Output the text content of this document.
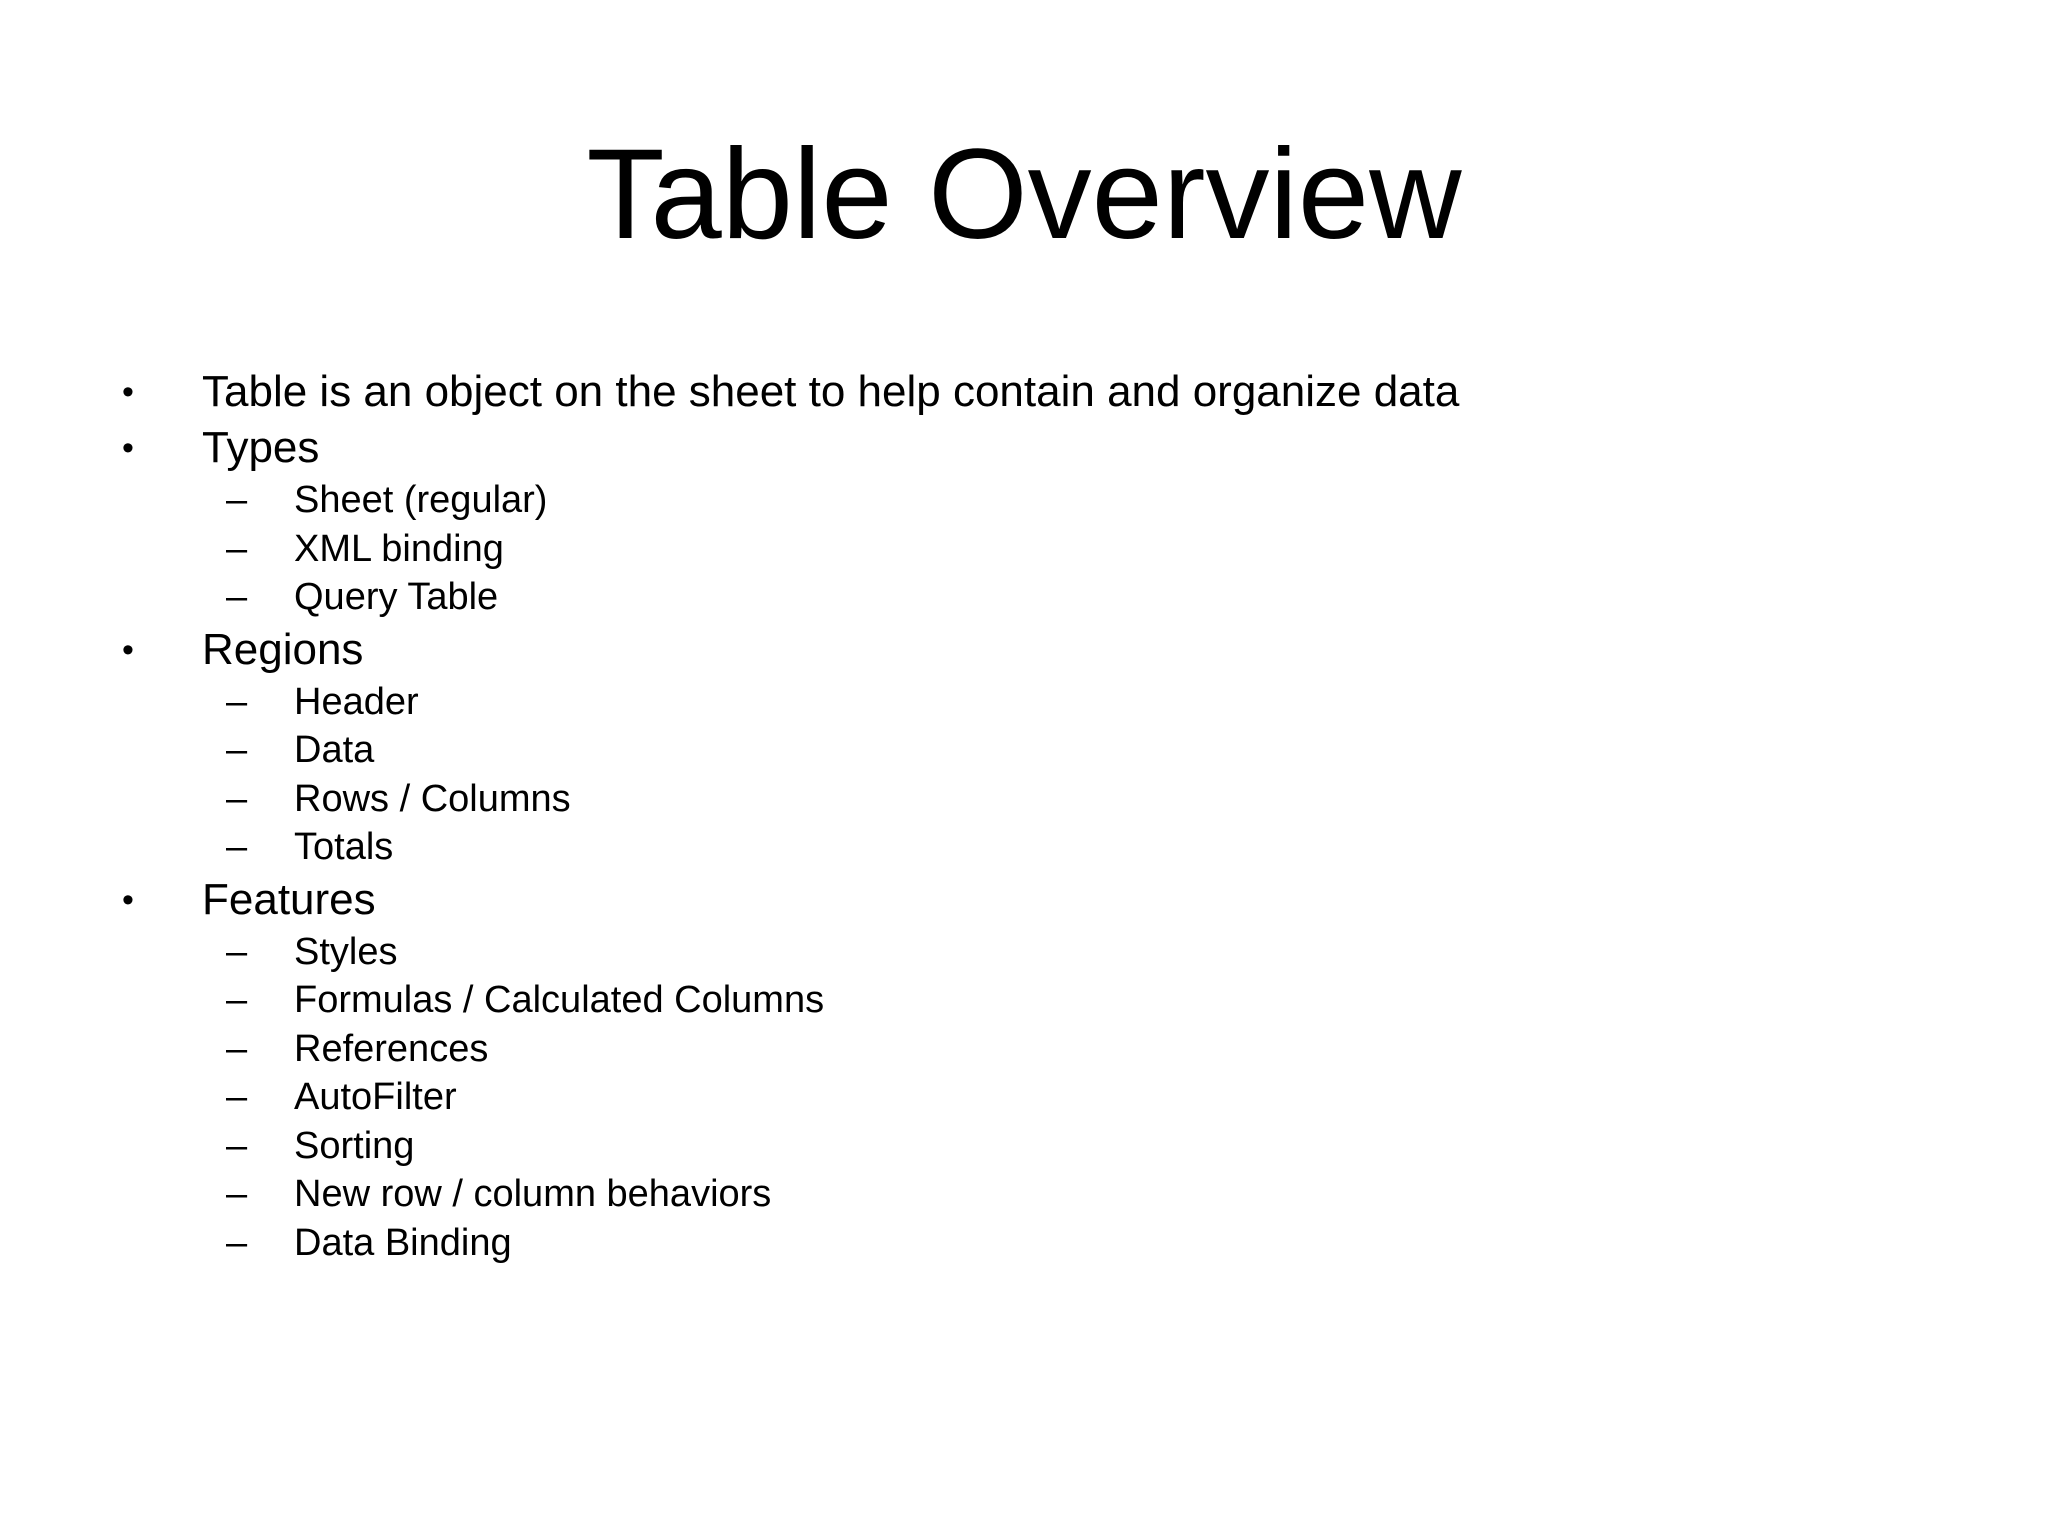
Table Overview
• Table is an object on the sheet to help contain and organize data
• Types
– Sheet (regular)
– XML binding
– Query Table
• Regions
– Header
– Data
– Rows / Columns
– Totals
• Features
– Styles
– Formulas / Calculated Columns
– References
– AutoFilter
– Sorting
– New row / column behaviors
– Data Binding
